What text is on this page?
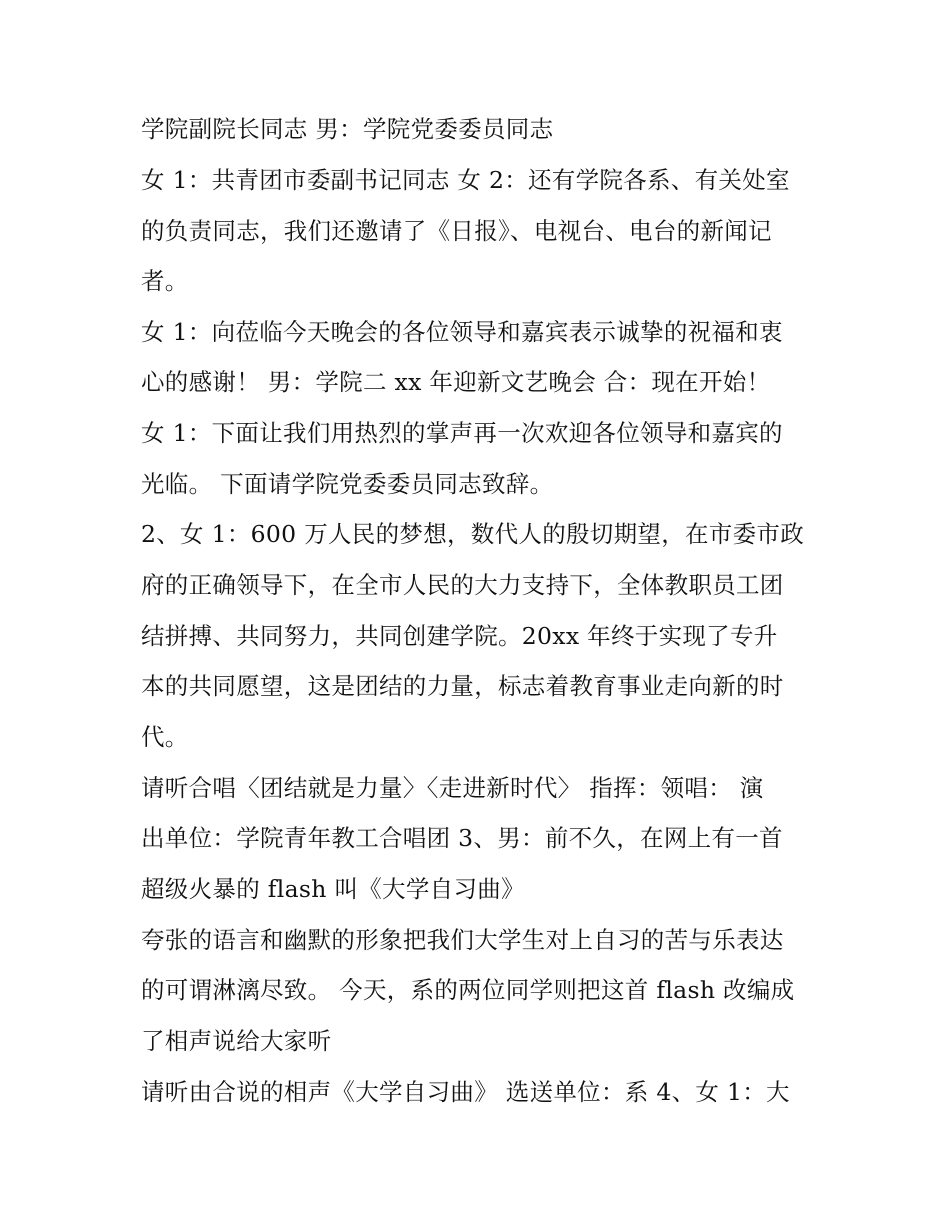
学院副院长同志 男：学院党委委员同志
女 1：共青团市委副书记同志 女 2：还有学院各系、有关处室
的负责同志，我们还邀请了《日报》、电视台、电台的新闻记
者。
女 1：向莅临今天晚会的各位领导和嘉宾表示诚挚的祝福和衷
心的感谢！ 男：学院二 xx 年迎新文艺晚会 合：现在开始！
女 1：下面让我们用热烈的掌声再一次欢迎各位领导和嘉宾的
光临。 下面请学院党委委员同志致辞。
2、女 1：600 万人民的梦想，数代人的殷切期望，在市委市政
府的正确领导下，在全市人民的大力支持下，全体教职员工团
结拼搏、共同努力，共同创建学院。20xx 年终于实现了专升
本的共同愿望，这是团结的力量，标志着教育事业走向新的时
代。
请听合唱〈团结就是力量〉〈走进新时代〉 指挥：领唱： 演
出单位：学院青年教工合唱团 3、男：前不久，在网上有一首
超级火暴的 flash 叫《大学自习曲》
夸张的语言和幽默的形象把我们大学生对上自习的苦与乐表达
的可谓淋漓尽致。 今天，系的两位同学则把这首 flash 改编成
了相声说给大家听
请听由合说的相声《大学自习曲》 选送单位：系 4、女 1：大
